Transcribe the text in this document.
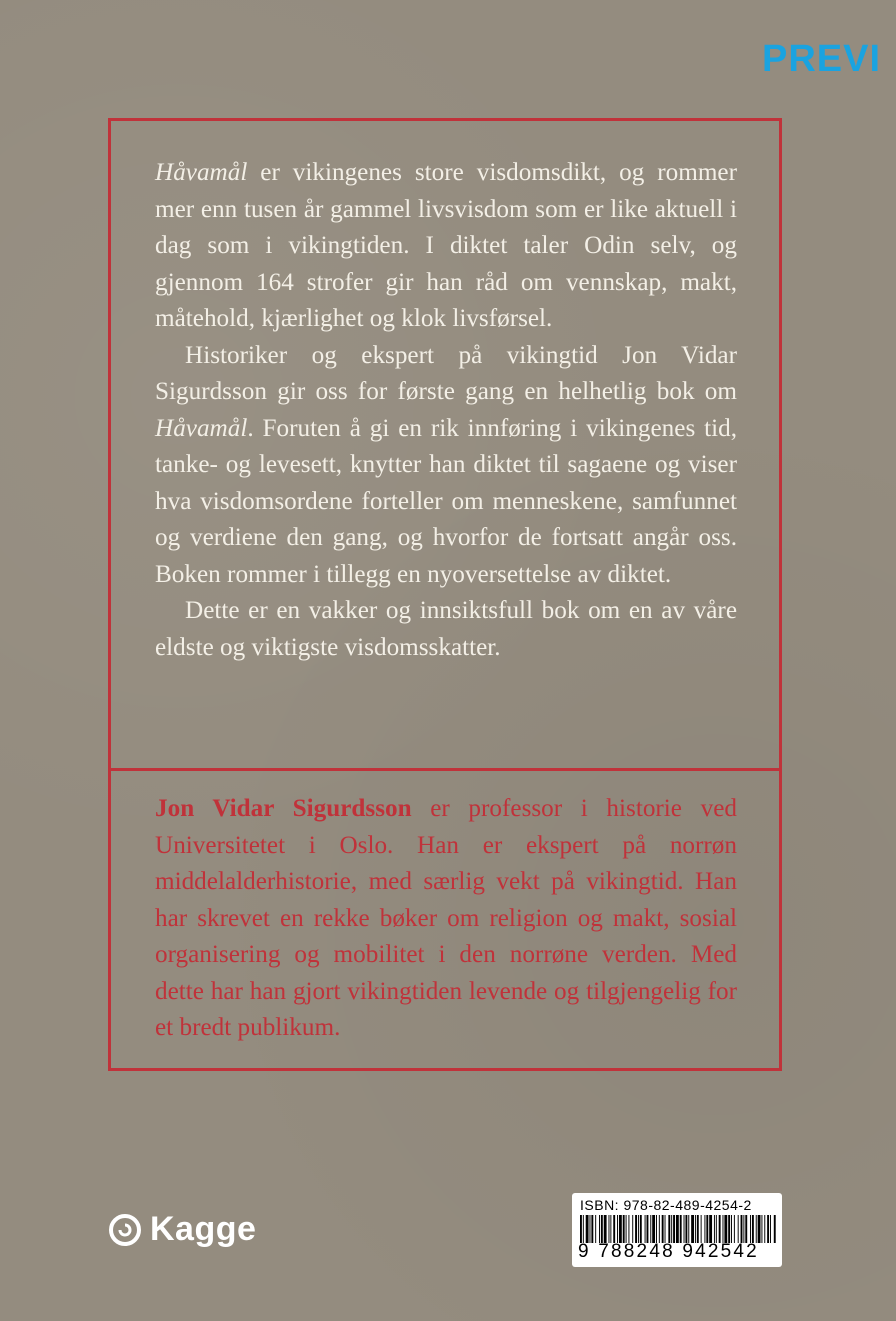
PREVI

Håvamål er vikingenes store visdomsdikt, og rommer mer enn tusen år gammel livsvisdom som er like aktuell i dag som i vikingtiden. I diktet taler Odin selv, og gjennom 164 strofer gir han råd om vennskap, makt, måtehold, kjærlighet og klok livsførsel.

Historiker og ekspert på vikingtid Jon Vidar Sigurdsson gir oss for første gang en helhetlig bok om Håvamål. Foruten å gi en rik innføring i vikingenes tid, tanke- og levesett, knytter han diktet til sagaene og viser hva visdomsordene forteller om menneskene, samfunnet og verdiene den gang, og hvorfor de fortsatt angår oss. Boken rommer i tillegg en nyoversettelse av diktet.

Dette er en vakker og innsiktsfull bok om en av våre eldste og viktigste visdomsskatter.

Jon Vidar Sigurdsson er professor i historie ved Universitetet i Oslo. Han er ekspert på norrøn middelalderhistorie, med særlig vekt på vikingtid. Han har skrevet en rekke bøker om religion og makt, sosial organisering og mobilitet i den norrøne verden. Med dette har han gjort vikingtiden levende og tilgjengelig for et bredt publikum.
Kagge
ISBN: 978-82-489-4254-2
9 788248 942542
